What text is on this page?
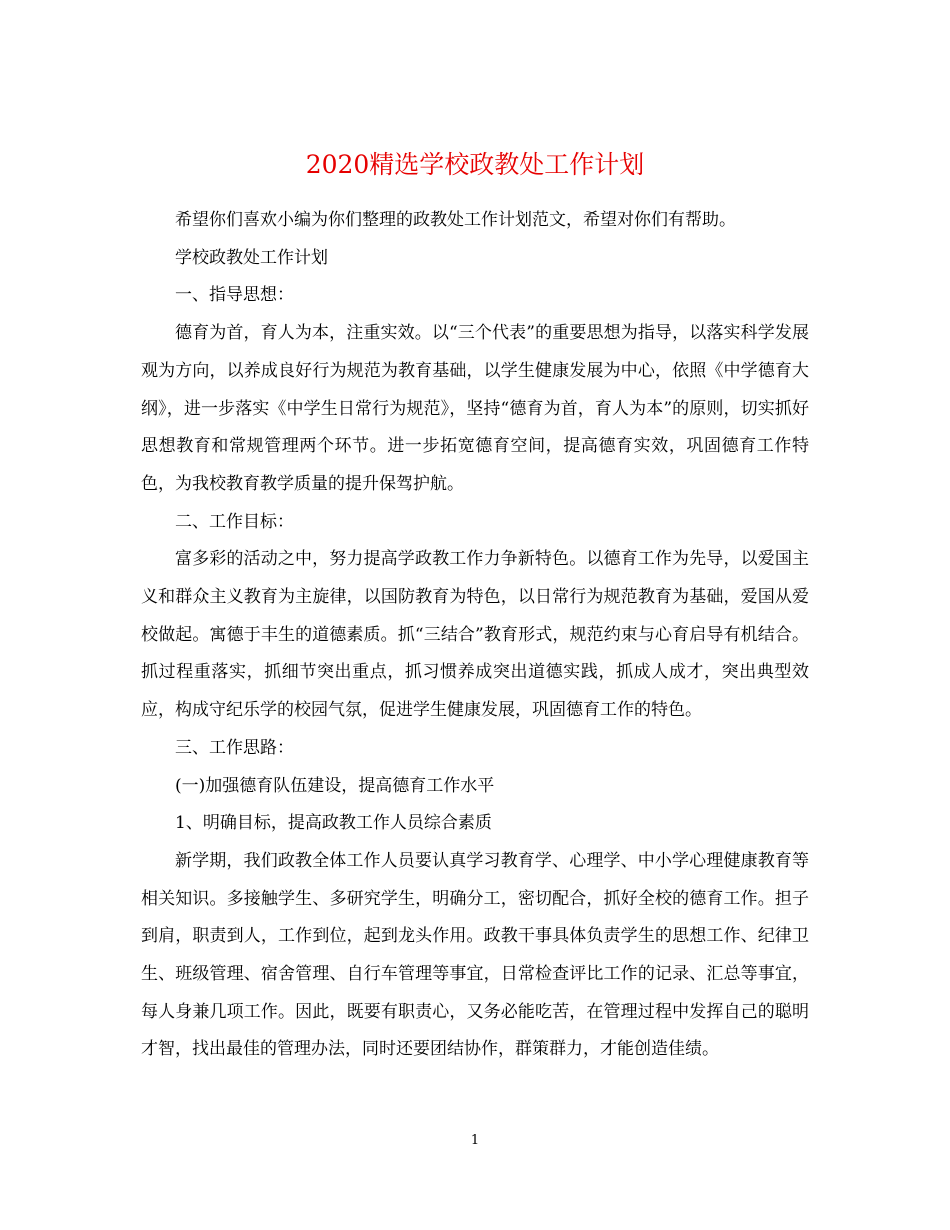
2020精选学校政教处工作计划

希望你们喜欢小编为你们整理的政教处工作计划范文，希望对你们有帮助。

学校政教处工作计划

一、指导思想：

德育为首，育人为本，注重实效。以“三个代表”的重要思想为指导，以落实科学发展观为方向，以养成良好行为规范为教育基础，以学生健康发展为中心，依照《中学德育大纲》，进一步落实《中学生日常行为规范》，坚持“德育为首，育人为本”的原则，切实抓好思想教育和常规管理两个环节。进一步拓宽德育空间，提高德育实效，巩固德育工作特色，为我校教育教学质量的提升保驾护航。

二、工作目标：

富多彩的活动之中，努力提高学政教工作力争新特色。以德育工作为先导，以爱国主义和群众主义教育为主旋律，以国防教育为特色，以日常行为规范教育为基础，爱国从爱校做起。寓德于丰生的道德素质。抓“三结合”教育形式，规范约束与心育启导有机结合。抓过程重落实，抓细节突出重点，抓习惯养成突出道德实践，抓成人成才，突出典型效应，构成守纪乐学的校园气氛，促进学生健康发展，巩固德育工作的特色。

三、工作思路：

(一)加强德育队伍建设，提高德育工作水平

1、明确目标，提高政教工作人员综合素质

新学期，我们政教全体工作人员要认真学习教育学、心理学、中小学心理健康教育等相关知识。多接触学生、多研究学生，明确分工，密切配合，抓好全校的德育工作。担子到肩，职责到人，工作到位，起到龙头作用。政教干事具体负责学生的思想工作、纪律卫生、班级管理、宿舍管理、自行车管理等事宜，日常检查评比工作的记录、汇总等事宜，每人身兼几项工作。因此，既要有职责心，又务必能吃苦，在管理过程中发挥自己的聪明才智，找出最佳的管理办法，同时还要团结协作，群策群力，才能创造佳绩。

1
